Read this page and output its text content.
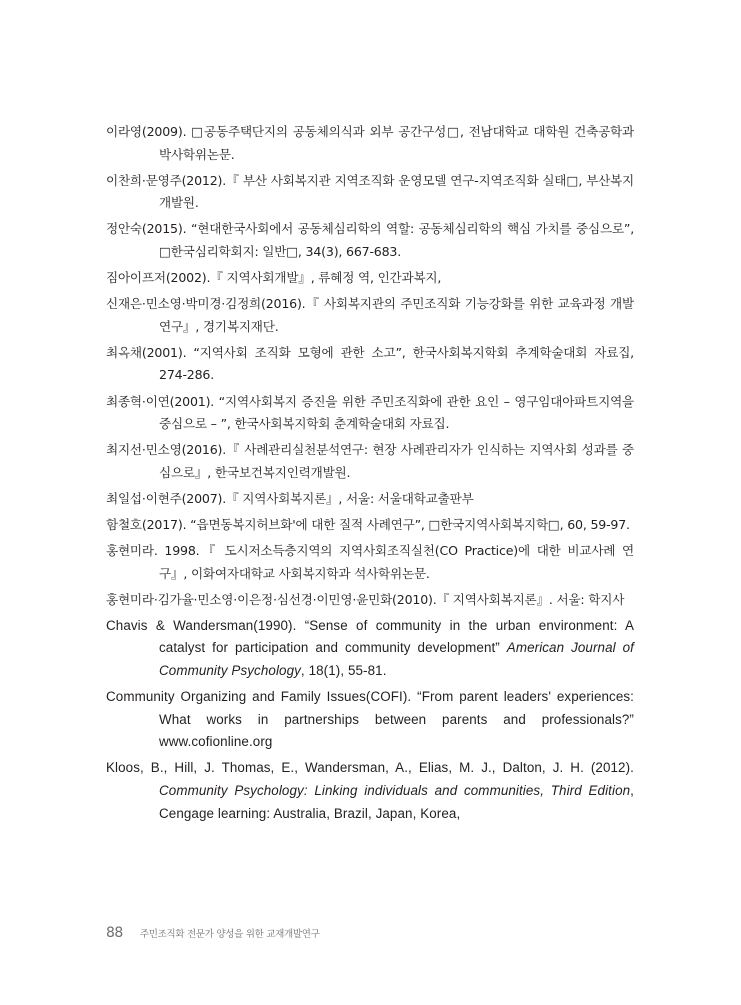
이라영(2009). □공동주택단지의 공동체의식과 외부 공간구성□, 전남대학교 대학원 건축공학과 박사학위논문.

이찬희·문영주(2012).『 부산 사회복지관 지역조직화 운영모델 연구-지역조직화 실태□, 부산복지개발원.

정안숙(2015). “현대한국사회에서 공동체심리학의 역할: 공동체심리학의 핵심 가치를 중심으로”, □한국심리학회지: 일반□, 34(3), 667-683.

짐아이프저(2002).『 지역사회개발』, 류혜정 역, 인간과복지,

신재은·민소영·박미경·김정희(2016).『 사회복지관의 주민조직화 기능강화를 위한 교육과정 개발 연구』, 경기복지재단.

최옥채(2001). “지역사회 조직화 모형에 관한 소고”, 한국사회복지학회 추계학술대회 자료집, 274-286.

최종혁·이연(2001). “지역사회복지 증진을 위한 주민조직화에 관한 요인 – 영구임대아파트지역을 중심으로 – ”, 한국사회복지학회 춘계학술대회 자료집.

최지선·민소영(2016).『 사례관리실천분석연구: 현장 사례관리자가 인식하는 지역사회 성과를 중심으로』, 한국보건복지인력개발원.

최일섭·이현주(2007).『 지역사회복지론』, 서울: 서울대학교출판부

함철호(2017). “읍면동복지허브화'에 대한 질적 사례연구”, □한국지역사회복지학□, 60, 59-97.

홍현미라. 1998.『 도시저소득층지역의 지역사회조직실천(CO Practice)에 대한 비교사례 연구』, 이화여자대학교 사회복지학과 석사학위논문.

홍현미라·김가율·민소영·이은정·심선경·이민영·윤민화(2010).『 지역사회복지론』. 서울: 학지사

Chavis & Wandersman(1990). “Sense of community in the urban environment: A catalyst for participation and community development” American Journal of Community Psychology, 18(1), 55-81.

Community Organizing and Family Issues(COFI). “From parent leaders' experiences: What works in partnerships between parents and professionals?” www.cofionline.org

Kloos, B., Hill, J. Thomas, E., Wandersman, A., Elias, M. J., Dalton, J. H. (2012). Community Psychology: Linking individuals and communities, Third Edition, Cengage learning: Australia, Brazil, Japan, Korea,

88 주민조직화 전문가 양성을 위한 교재개발연구
